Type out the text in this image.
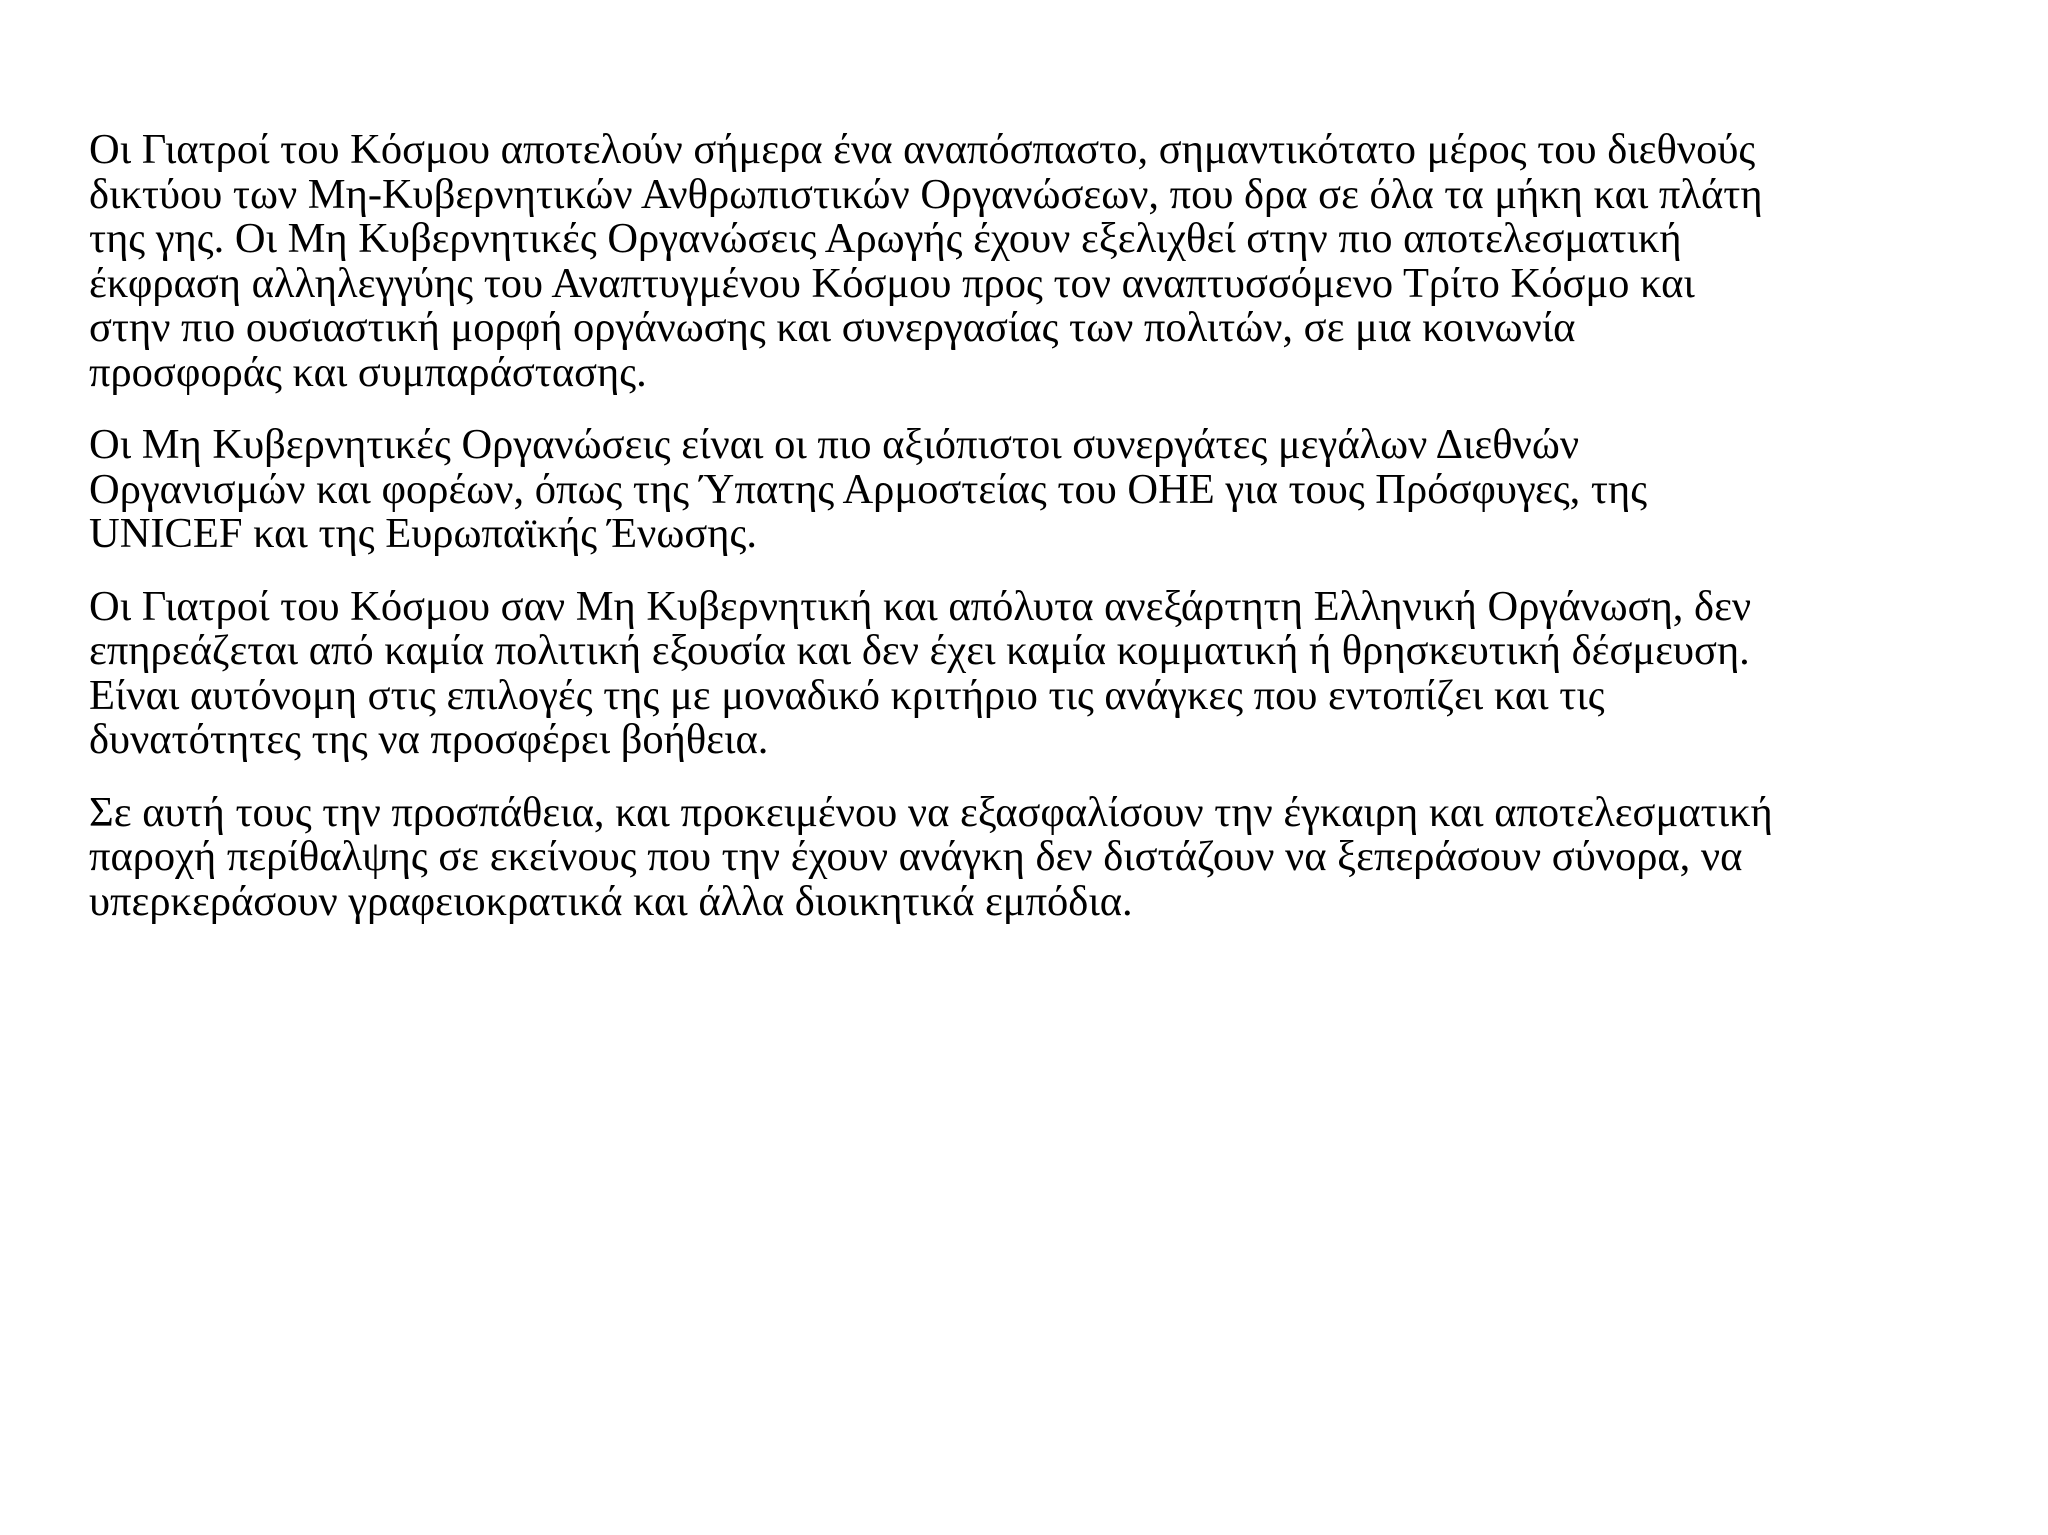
Οι Γιατροί του Κόσμου αποτελούν σήμερα ένα αναπόσπαστο, σημαντικότατο μέρος του διεθνούς
δικτύου των Μη-Κυβερνητικών Ανθρωπιστικών Οργανώσεων, που δρα σε όλα τα μήκη και πλάτη
της γης. Οι Μη Κυβερνητικές Οργανώσεις Αρωγής έχουν εξελιχθεί στην πιο αποτελεσματική
έκφραση αλληλεγγύης του Αναπτυγμένου Κόσμου προς τον αναπτυσσόμενο Τρίτο Κόσμο και
στην πιο ουσιαστική μορφή οργάνωσης και συνεργασίας των πολιτών, σε μια κοινωνία
προσφοράς και συμπαράστασης.

Οι Μη Κυβερνητικές Οργανώσεις είναι οι πιο αξιόπιστοι συνεργάτες μεγάλων Διεθνών
Οργανισμών και φορέων, όπως της Ύπατης Αρμοστείας του ΟΗΕ για τους Πρόσφυγες, της
UNICEF και της Ευρωπαϊκής Ένωσης.

Οι Γιατροί του Κόσμου σαν Μη Κυβερνητική και απόλυτα ανεξάρτητη Ελληνική Οργάνωση, δεν
επηρεάζεται από καμία πολιτική εξουσία και δεν έχει καμία κομματική ή θρησκευτική δέσμευση.
Είναι αυτόνομη στις επιλογές της με μοναδικό κριτήριο τις ανάγκες που εντοπίζει και τις
δυνατότητες της να προσφέρει βοήθεια.

Σε αυτή τους την προσπάθεια, και προκειμένου να εξασφαλίσουν την έγκαιρη και αποτελεσματική
παροχή περίθαλψης σε εκείνους που την έχουν ανάγκη δεν διστάζουν να ξεπεράσουν σύνορα, να
υπερκεράσουν γραφειοκρατικά και άλλα διοικητικά εμπόδια.
